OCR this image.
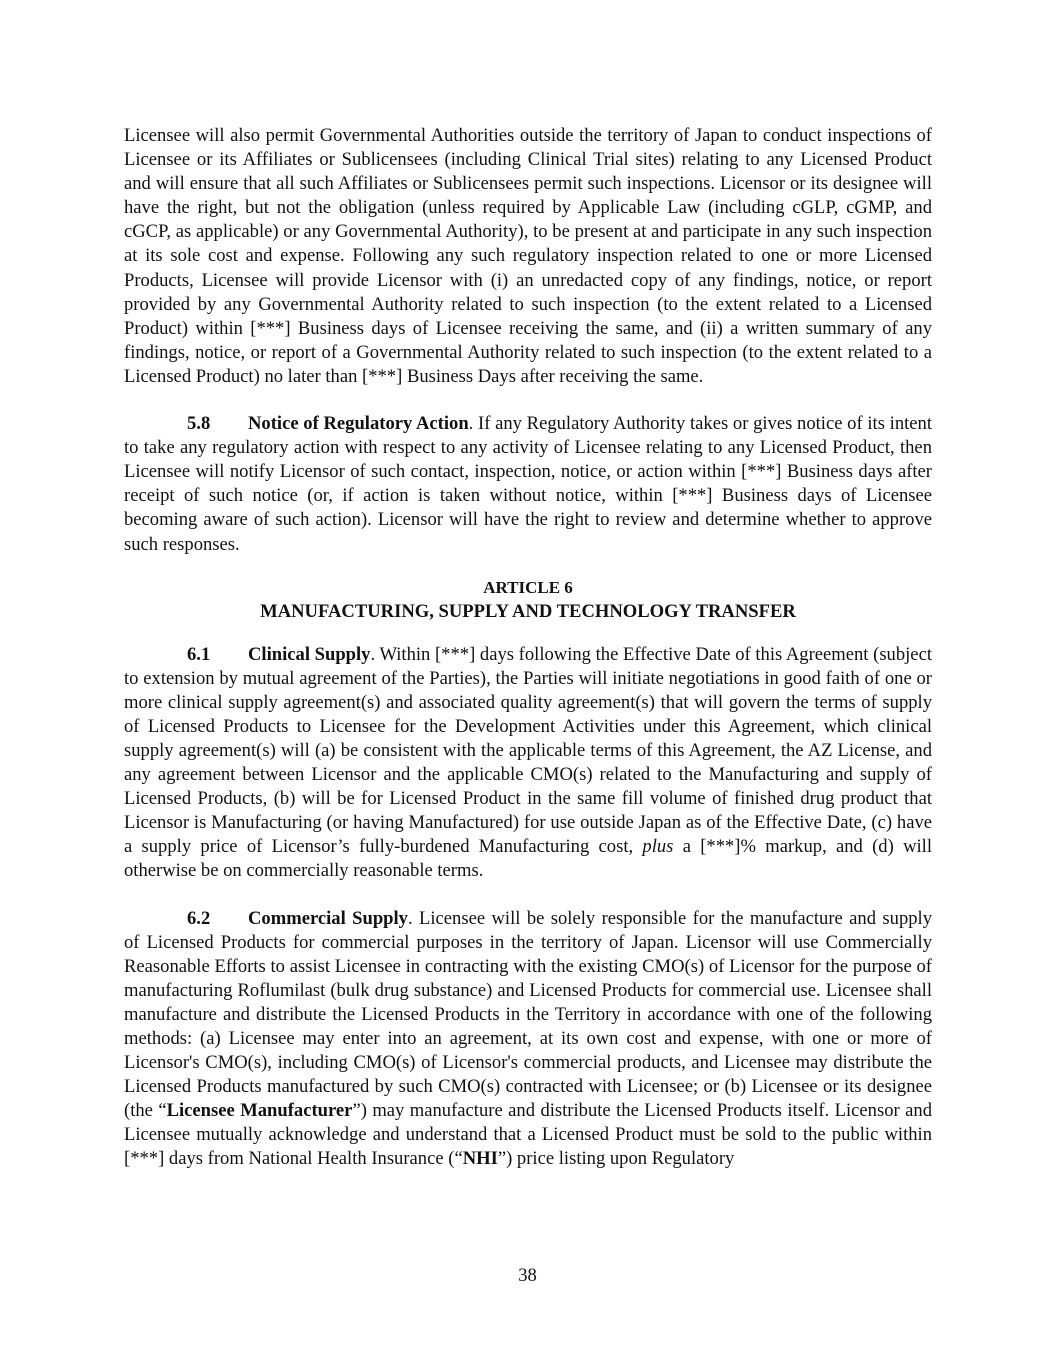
Licensee will also permit Governmental Authorities outside the territory of Japan to conduct inspections of Licensee or its Affiliates or Sublicensees (including Clinical Trial sites) relating to any Licensed Product and will ensure that all such Affiliates or Sublicensees permit such inspections. Licensor or its designee will have the right, but not the obligation (unless required by Applicable Law (including cGLP, cGMP, and cGCP, as applicable) or any Governmental Authority), to be present at and participate in any such inspection at its sole cost and expense. Following any such regulatory inspection related to one or more Licensed Products, Licensee will provide Licensor with (i) an unredacted copy of any findings, notice, or report provided by any Governmental Authority related to such inspection (to the extent related to a Licensed Product) within [***] Business days of Licensee receiving the same, and (ii) a written summary of any findings, notice, or report of a Governmental Authority related to such inspection (to the extent related to a Licensed Product) no later than [***] Business Days after receiving the same.

5.8 Notice of Regulatory Action. If any Regulatory Authority takes or gives notice of its intent to take any regulatory action with respect to any activity of Licensee relating to any Licensed Product, then Licensee will notify Licensor of such contact, inspection, notice, or action within [***] Business days after receipt of such notice (or, if action is taken without notice, within [***] Business days of Licensee becoming aware of such action). Licensor will have the right to review and determine whether to approve such responses.

ARTICLE 6

MANUFACTURING, SUPPLY AND TECHNOLOGY TRANSFER

6.1 Clinical Supply. Within [***] days following the Effective Date of this Agreement (subject to extension by mutual agreement of the Parties), the Parties will initiate negotiations in good faith of one or more clinical supply agreement(s) and associated quality agreement(s) that will govern the terms of supply of Licensed Products to Licensee for the Development Activities under this Agreement, which clinical supply agreement(s) will (a) be consistent with the applicable terms of this Agreement, the AZ License, and any agreement between Licensor and the applicable CMO(s) related to the Manufacturing and supply of Licensed Products, (b) will be for Licensed Product in the same fill volume of finished drug product that Licensor is Manufacturing (or having Manufactured) for use outside Japan as of the Effective Date, (c) have a supply price of Licensor’s fully-burdened Manufacturing cost, plus a [***]% markup, and (d) will otherwise be on commercially reasonable terms.

6.2 Commercial Supply. Licensee will be solely responsible for the manufacture and supply of Licensed Products for commercial purposes in the territory of Japan. Licensor will use Commercially Reasonable Efforts to assist Licensee in contracting with the existing CMO(s) of Licensor for the purpose of manufacturing Roflumilast (bulk drug substance) and Licensed Products for commercial use. Licensee shall manufacture and distribute the Licensed Products in the Territory in accordance with one of the following methods: (a) Licensee may enter into an agreement, at its own cost and expense, with one or more of Licensor's CMO(s), including CMO(s) of Licensor's commercial products, and Licensee may distribute the Licensed Products manufactured by such CMO(s) contracted with Licensee; or (b) Licensee or its designee (the “Licensee Manufacturer”) may manufacture and distribute the Licensed Products itself. Licensor and Licensee mutually acknowledge and understand that a Licensed Product must be sold to the public within [***] days from National Health Insurance (“NHI”) price listing upon Regulatory

38
